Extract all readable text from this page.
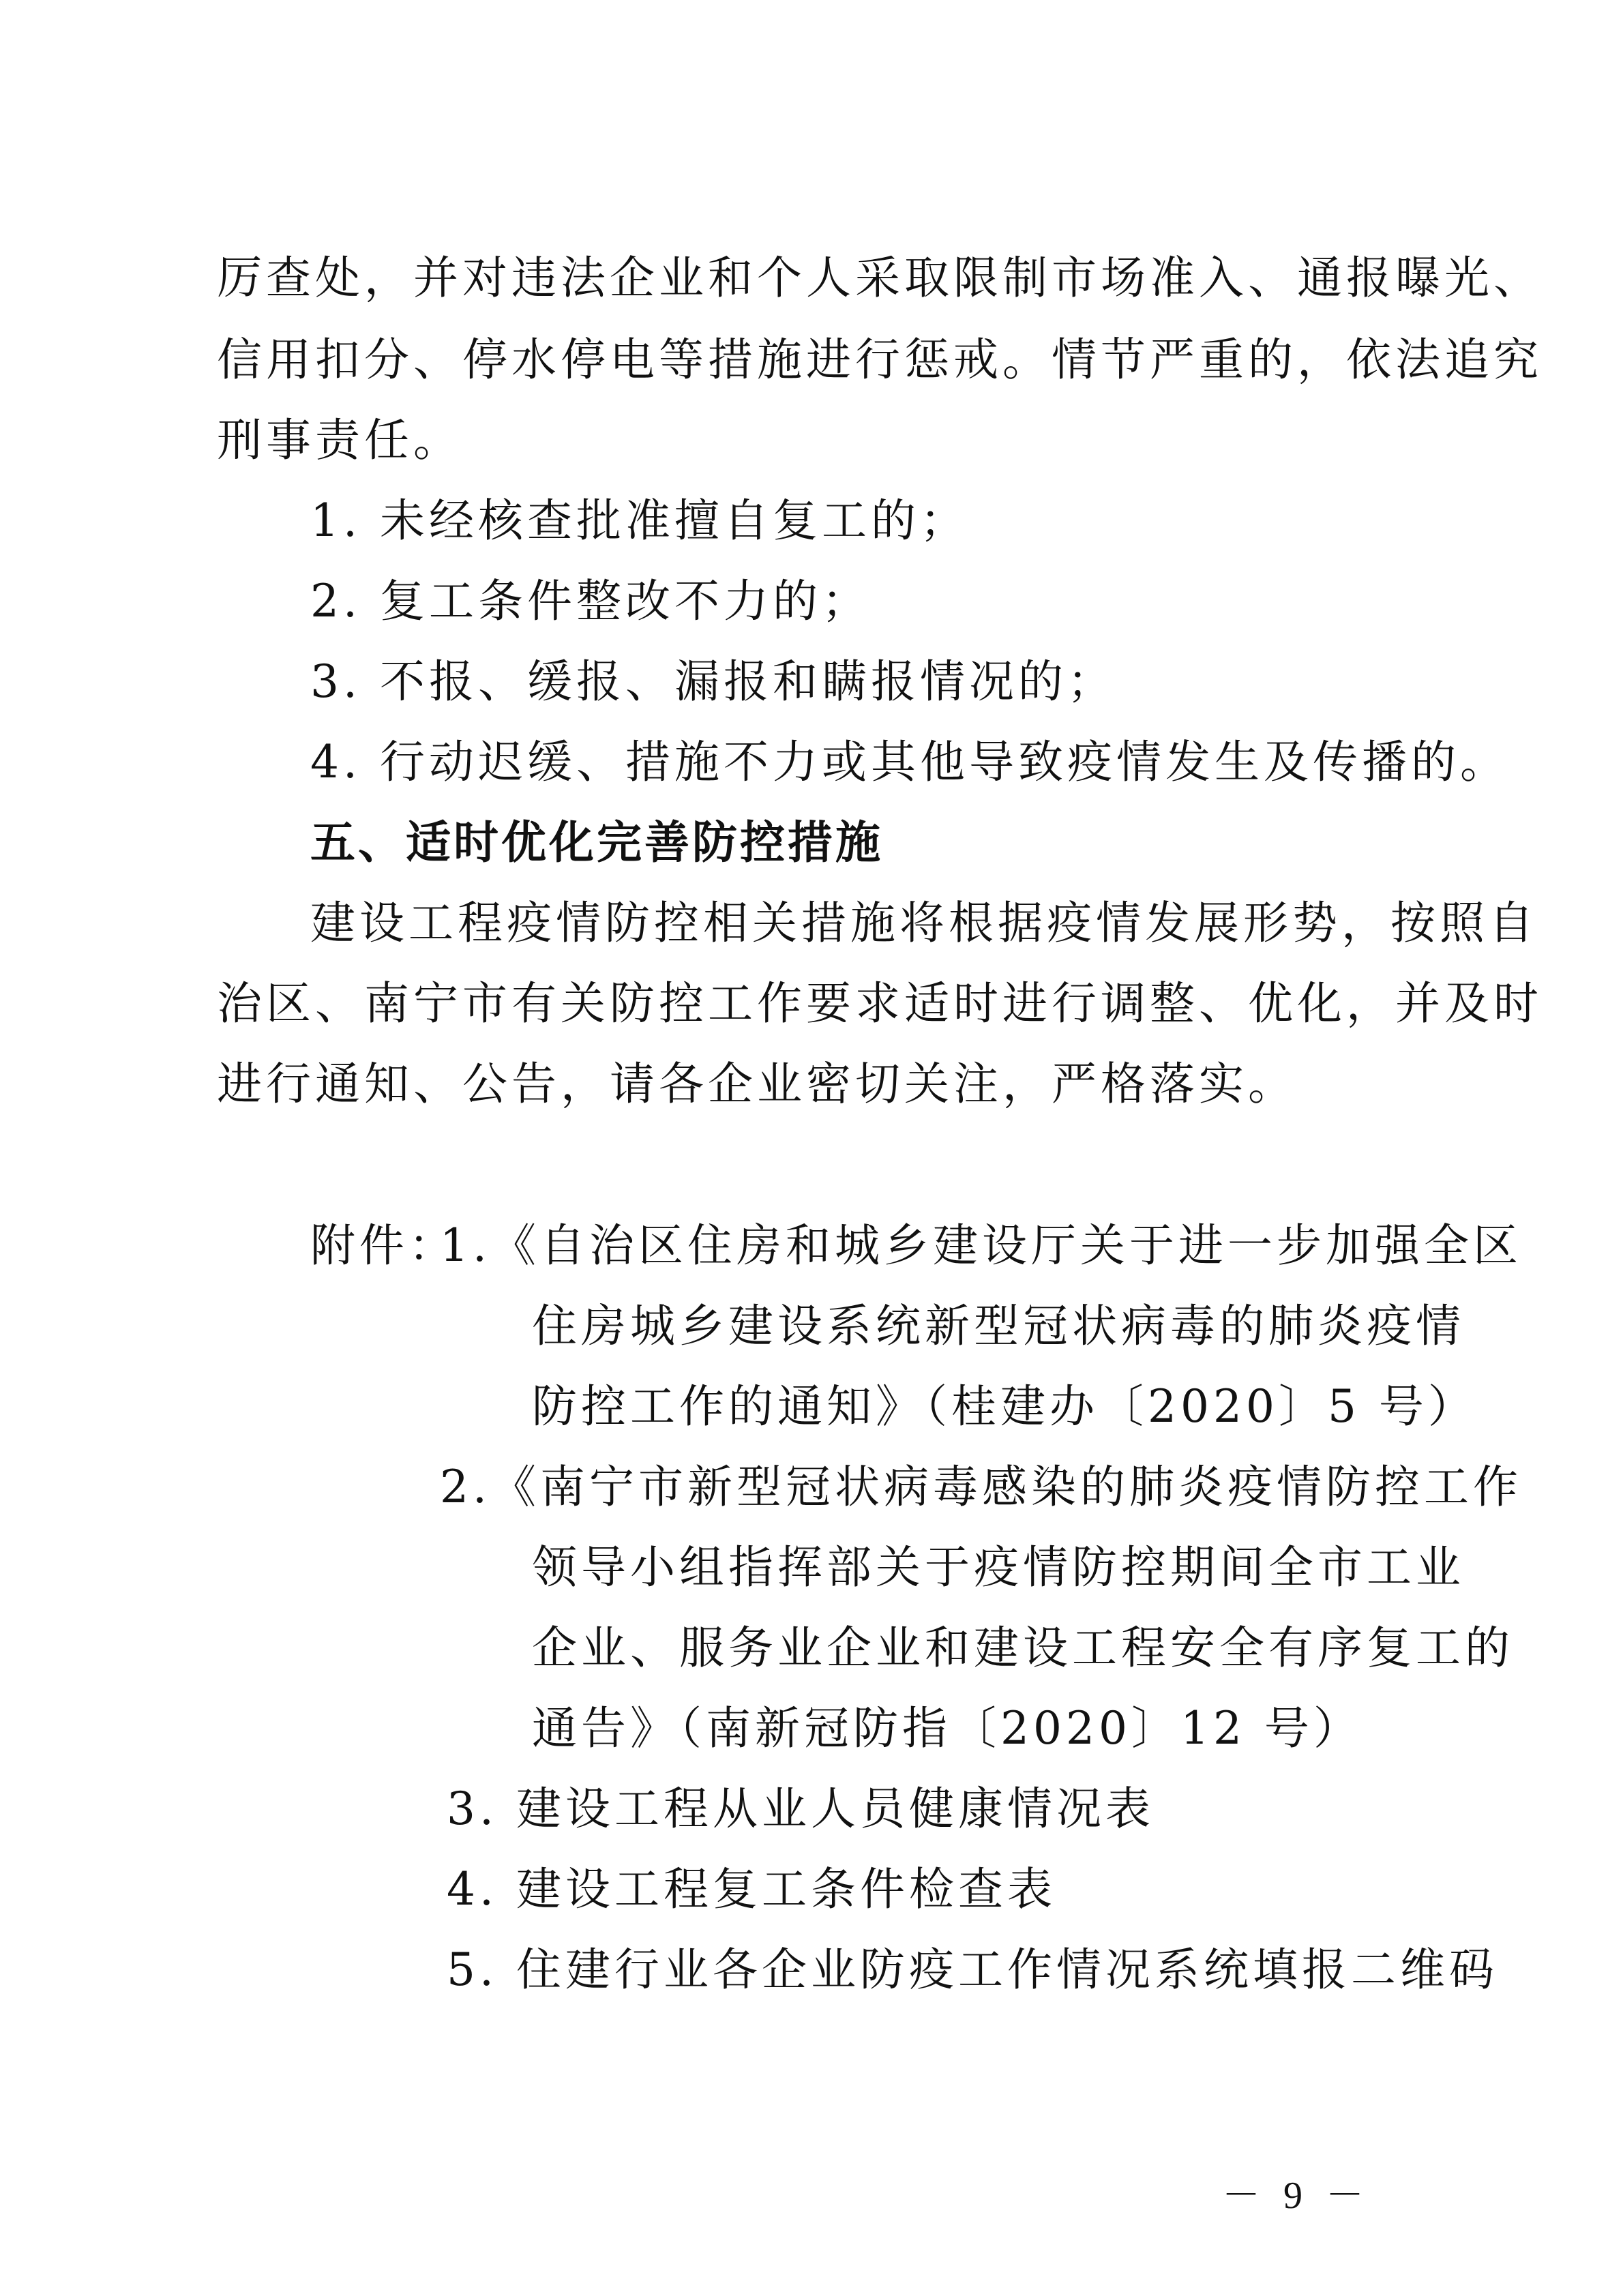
厉查处，并对违法企业和个人采取限制市场准入、通报曝光、
信用扣分、停水停电等措施进行惩戒。情节严重的，依法追究
刑事责任。
1. 未经核查批准擅自复工的；
2. 复工条件整改不力的；
3. 不报、缓报、漏报和瞒报情况的；
4. 行动迟缓、措施不力或其他导致疫情发生及传播的。
五、适时优化完善防控措施
建设工程疫情防控相关措施将根据疫情发展形势，按照自
治区、南宁市有关防控工作要求适时进行调整、优化，并及时
进行通知、公告，请各企业密切关注，严格落实。
附件：
1.《自治区住房和城乡建设厅关于进一步加强全区
住房城乡建设系统新型冠状病毒的肺炎疫情
防控工作的通知》（桂建办〔2020〕5 号）
2.《南宁市新型冠状病毒感染的肺炎疫情防控工作
领导小组指挥部关于疫情防控期间全市工业
企业、服务业企业和建设工程安全有序复工的
通告》（南新冠防指〔2020〕12 号）
3. 建设工程从业人员健康情况表
4. 建设工程复工条件检查表
5. 住建行业各企业防疫工作情况系统填报二维码
－ 9 －
